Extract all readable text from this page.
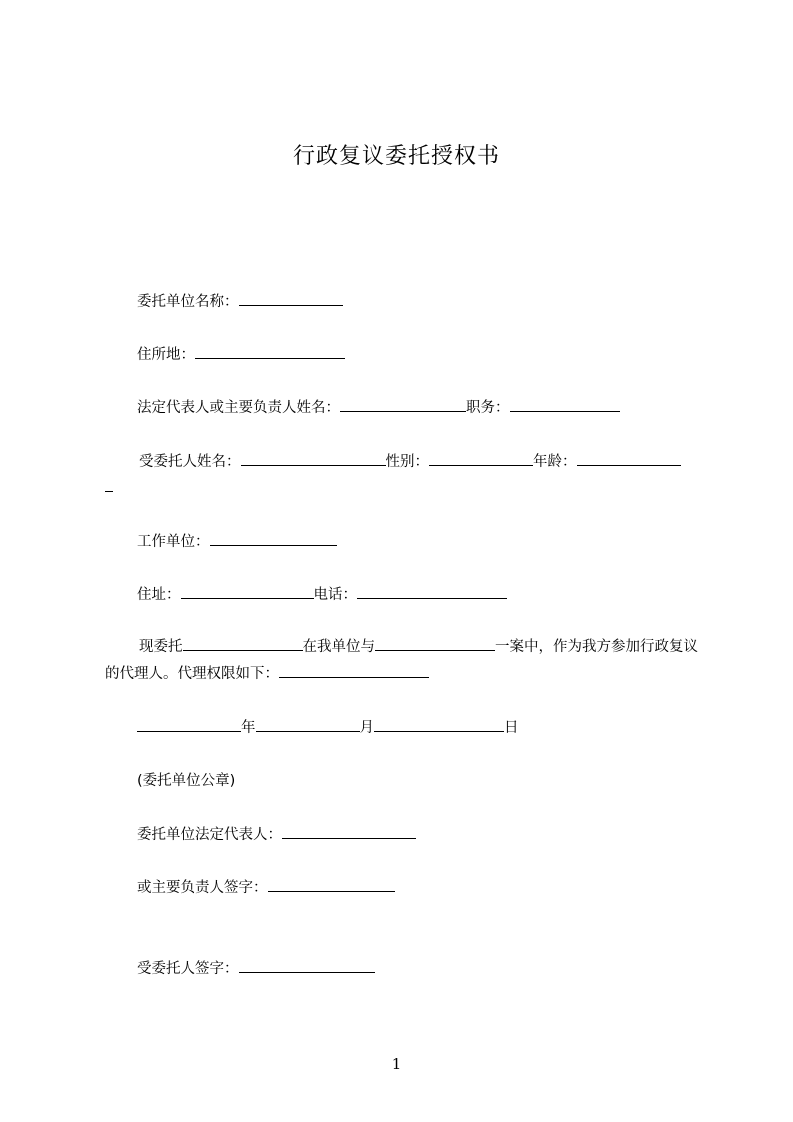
行政复议委托授权书
委托单位名称：
住所地：
法定代表人或主要负责人姓名：	职务：
受委托人姓名：	性别：	年龄：
工作单位：
住址：	电话：
现委托	在我单位与	一案中，作为我方参加行政复议的代理人。代理权限如下：
年	月	日
(委托单位公章)
委托单位法定代表人：
或主要负责人签字：
受委托人签字：
1
